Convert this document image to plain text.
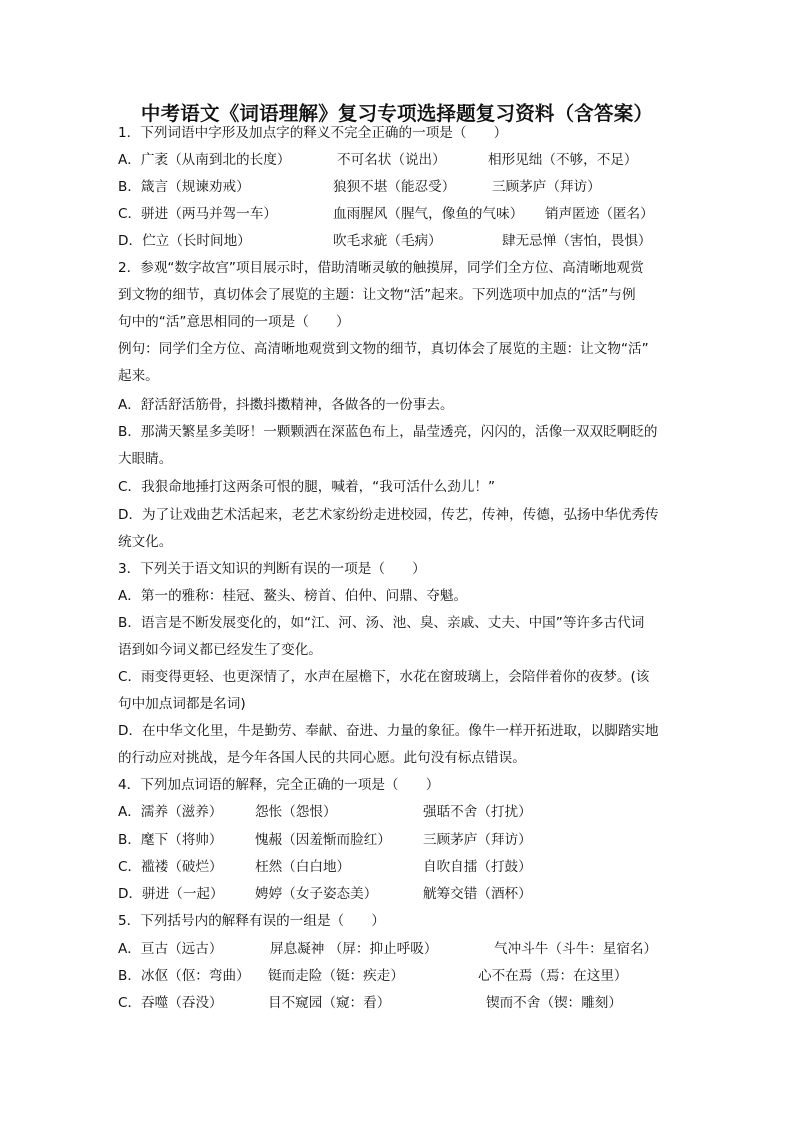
中考语文《词语理解》复习专项选择题复习资料（含答案）
1．下列词语中字形及加点字的释义不完全正确的一项是（　　）
A．广袤（从南到北的长度）	不可名状（说出）	相形见绌（不够，不足）
B．箴言（规谏劝戒）	狼狈不堪（能忍受）	三顾茅庐（拜访）
C．骈进（两马并驾一车）	血雨腥风（腥气，像鱼的气味） 销声匿迹（匿名）
D．伫立（长时间地）	吹毛求疵（毛病）	肆无忌惮（害怕，畏惧）
2．参观“数字故宫”项目展示时，借助清晰灵敏的触摸屏，同学们全方位、高清晰地观赏
到文物的细节，真切体会了展览的主题：让文物“活”起来。下列选项中加点的“活”与例
句中的“活”意思相同的一项是（　　）
例句：同学们全方位、高清晰地观赏到文物的细节，真切体会了展览的主题：让文物“活”
起来。
A．舒活舒活筋骨，抖擞抖擞精神，各做各的一份事去。
B．那满天繁星多美呀！一颗颗洒在深蓝色布上，晶莹透亮，闪闪的，活像一双双眨啊眨的
大眼睛。
C．我狠命地捶打这两条可恨的腿，喊着，“我可活什么劲儿！”
D．为了让戏曲艺术活起来，老艺术家纷纷走进校园，传艺，传神，传德，弘扬中华优秀传
统文化。
3．下列关于语文知识的判断有误的一项是（　　）
A．第一的雅称：桂冠、鳌头、榜首、伯仲、问鼎、夺魁。
B．语言是不断发展变化的，如“江、河、汤、池、臭、亲戚、丈夫、中国”等许多古代词
语到如今词义都已经发生了变化。
C．雨变得更轻、也更深情了，水声在屋檐下，水花在窗玻璃上，会陪伴着你的夜梦。(该
句中加点词都是名词)
D．在中华文化里，牛是勤劳、奉献、奋进、力量的象征。像牛一样开拓进取，以脚踏实地
的行动应对挑战，是今年各国人民的共同心愿。此句没有标点错误。
4．下列加点词语的解释，完全正确的一项是（　　）
A．濡养（滋养） 怨怅（怨恨）	强聒不舍（打扰）
B．麾下（将帅） 愧赧（因羞惭而脸红） 三顾茅庐（拜访）
C．褴褛（破烂） 枉然（白白地）	自吹自擂（打鼓）
D．骈进（一起） 娉婷（女子姿态美）	觥筹交错（酒杯）
5．下列括号内的解释有误的一组是（　　）
A．亘古（远古）	屏息凝神 （屏：抑止呼吸）	气冲斗牛（斗牛：星宿名）
B．冰伛（伛：弯曲） 铤而走险（铤：疾走）	心不在焉（焉：在这里）
C．吞噬（吞没）	目不窥园（窥：看）	锲而不舍（锲：雕刻）
